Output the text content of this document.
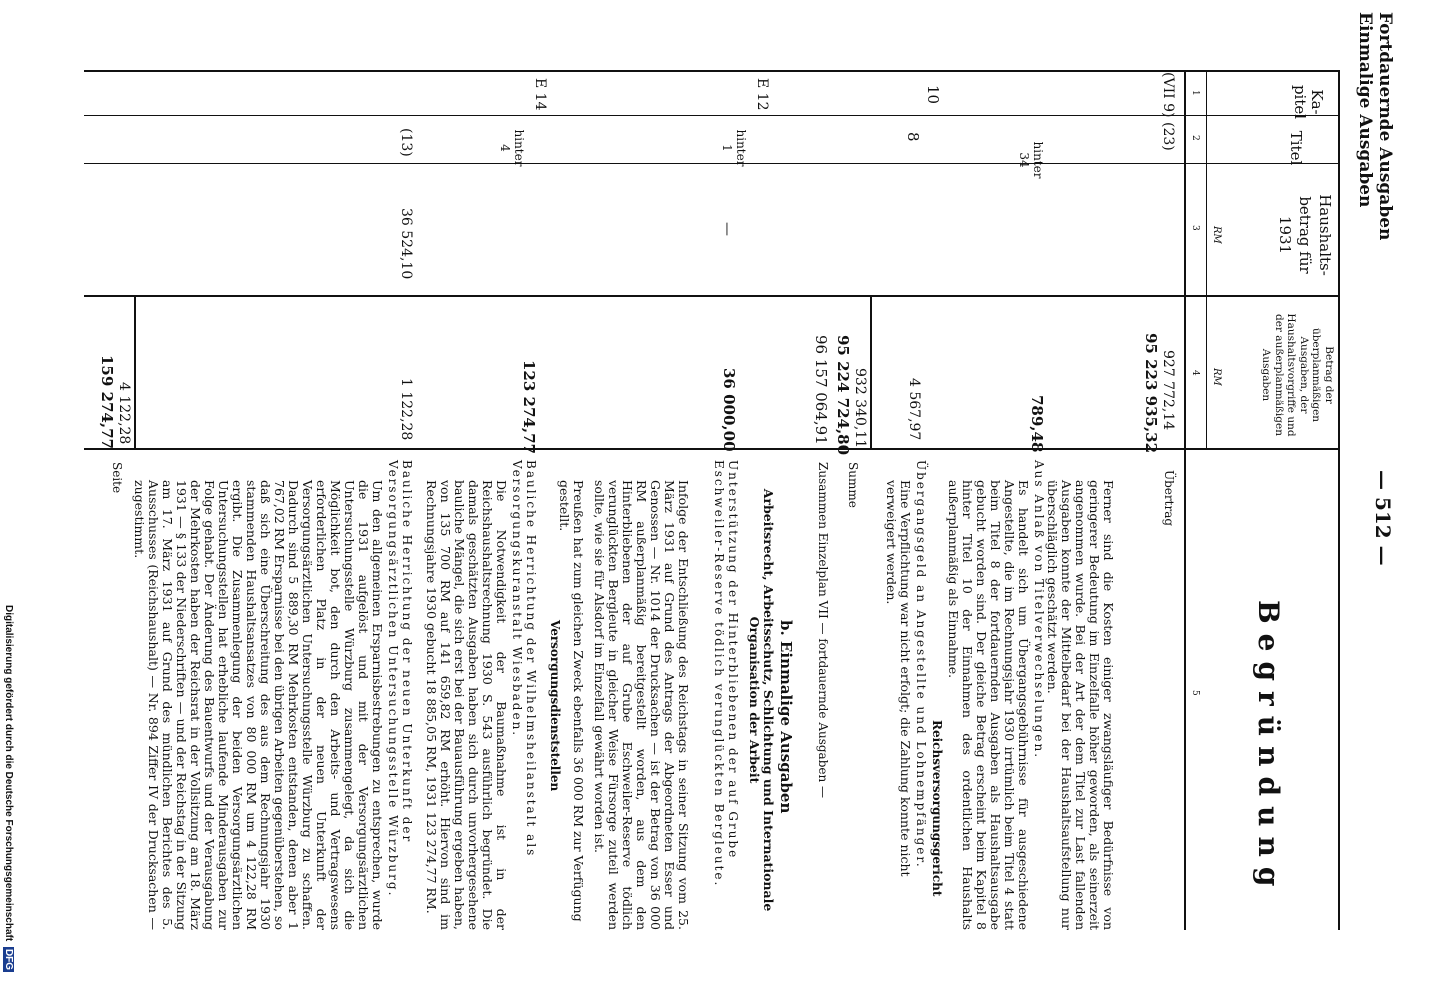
Fortdauernde Ausgaben
Einmalige Ausgaben
— 512 —
Ka-pitel
Titel
Haushalts-betrag für 1931
Betrag der überplanmäßigen Ausgaben, der Haushaltsvorgriffe und der außerplanmäßigen Ausgaben
Begründung
1
2
3
4
5
RM
RM
(VII 9)
(23)
927 772,14
95 223 935,32
Übertrag
Ferner sind die Kosten einiger zwangsläufiger Bedürfnisse von geringerer Bedeutung im Einzelfalle höher geworden, als seinerzeit angenommen wurde. Bei der Art der dem Titel zur Last fallenden Ausgaben konnte der Mittelbedarf bei der Haushaltsaufstellung nur überschläglich geschätzt werden.
hinter 34
789,48
Aus Anlaß von Titelverwechselungen.
Es handelt sich um Übergangsgebührnisse für ausgeschiedene Angestellte, die im Rechnungsjahr 1930 irrtümlich beim Titel 4 statt beim Titel 8 der fortdauernden Ausgaben als Haushaltsausgabe gebucht worden sind. Der gleiche Betrag erscheint beim Kapitel 8 hinter Titel 10 der Einnahmen des ordentlichen Haushalts außerplanmäßig als Einnahme.
10
8
4 567,97
Reichsversorgungsgericht
Übergangsgeld an Angestellte und Lohnempfänger.
Eine Verpflichtung war nicht erfolgt; die Zahlung konnte nicht verweigert werden.
932 340,11
95 224 724,80
Summe
96 157 064,91
Zusammen Einzelplan VII — fortdauernde Ausgaben —
E 12
hinter 1
—
36 000,00
b. Einmalige Ausgaben
Arbeitsrecht, Arbeitsschutz, Schlichtung und Internationale Organisation der Arbeit
Unterstützung der Hinterbliebenen der auf Grube Eschweiler-Reserve tödlich verunglückten Bergleute.
Infolge der Entschließung des Reichstags in seiner Sitzung vom 25. März 1931 auf Grund des Antrags der Abgeordneten Esser und Genossen — Nr. 1014 der Drucksachen — ist der Betrag von 36 000 RM außerplanmäßig bereitgestellt worden, aus dem den Hinterbliebenen der auf Grube Eschweiler-Reserve tödlich verunglückten Bergleute in gleicher Weise Fürsorge zuteil werden sollte, wie sie für Alsdorf im Einzelfall gewährt worden ist.
Preußen hat zum gleichen Zweck ebenfalls 36 000 RM zur Verfügung gestellt.
E 14
hinter 4
123 274,77
Versorgungsdienststellen
Bauliche Herrichtung der Wilhelmsheilanstalt als Versorgungskuranstalt Wiesbaden.
Die Notwendigkeit der Baumaßnahme ist in der Reichshaushaltsrechnung 1930 S. 543 ausführlich begründet. Die damals geschätzten Ausgaben haben sich durch unvorhergesehene bauliche Mängel, die sich erst bei der Bauausführung ergeben haben, von 135 700 RM auf 141 659,82 RM erhöht. Hiervon sind im Rechnungsjahre 1930 gebucht 18 885,05 RM, 1931 123 274,77 RM.
(13)
36 524,10
1 122,28
Bauliche Herrichtung der neuen Unterkunft der Versorgungsärztlichen Untersuchungsstelle Würzburg.
Um den allgemeinen Ersparnisbestrebungen zu entsprechen, wurde die 1931 aufgelöst und mit der Versorgungsärztlichen Untersuchungsstelle Würzburg zusammengelegt, da sich die Möglichkeit bot, den durch den Arbeits- und Vertragswesens erforderlichen Platz in der neuen Unterkunft der Versorgungsärztlichen Untersuchungsstelle Würzburg zu schaffen. Dadurch sind 5 889,30 RM Mehrkosten entstanden, denen aber 1 767,02 RM Ersparnisse bei den übrigen Arbeiten gegenüberstehen, so daß sich eine Überschreitung des aus dem Rechnungsjahr 1930 stammenden Haushaltsansatzes von 80 000 RM um 4 122,28 RM ergibt. Die Zusammenlegung der beiden Versorgungsärztlichen Untersuchungsstellen hat erhebliche laufende Minderausgaben zur Folge gehabt. Der Änderung des Bauentwurfs und der Verausgabung der Mehrkosten haben der Reichsrat in der Vollsitzung am 18. März 1931 — § 133 der Niederschriften — und der Reichstag in der Sitzung am 17. März 1931 auf Grund des mündlichen Berichtes des 5. Ausschusses (Reichshaushalt) — Nr. 894 Ziffer IV der Drucksachen — zugestimmt.
4 122,28
159 274,77
Seite
Digitalisierung gefördert durch die Deutsche Forschungsgemeinschaft DFG
